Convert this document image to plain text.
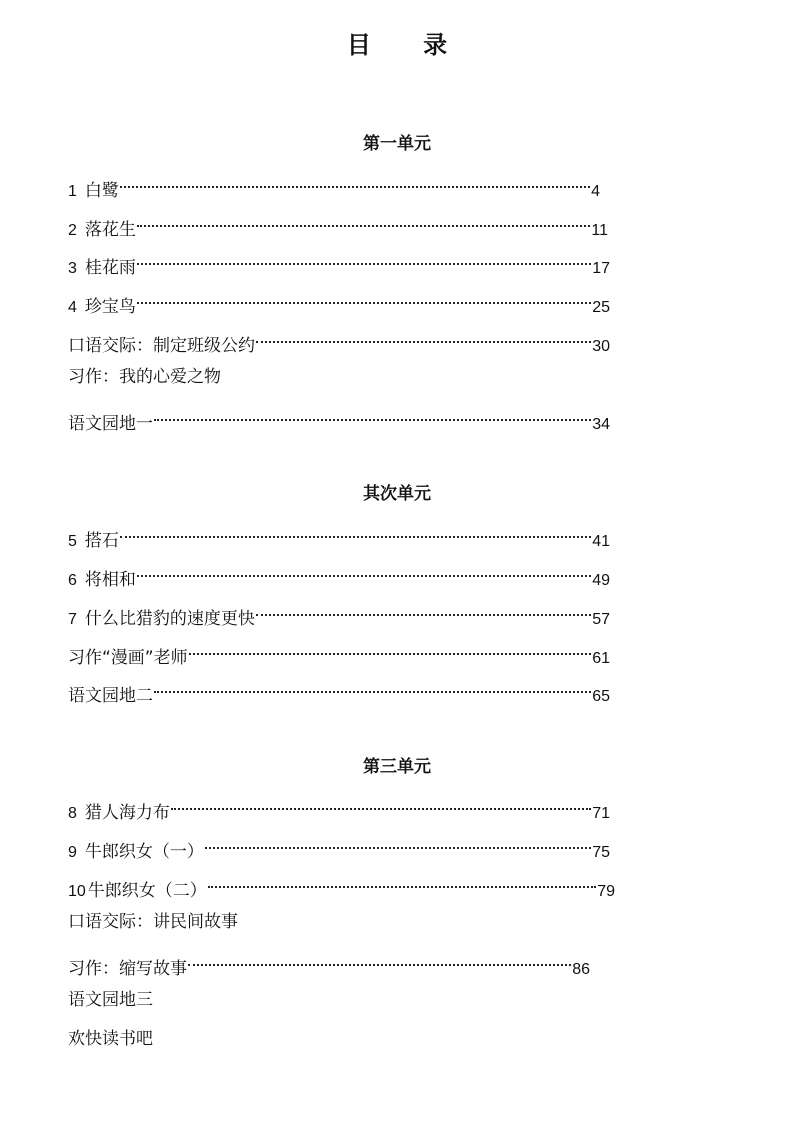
目 录
第一单元
1 白鹭	4
2 落花生	11
3 桂花雨	17
4 珍宝鸟	25
口语交际：制定班级公约	30
习作：我的心爱之物
语文园地一	34
其次单元
5 搭石	41
6 将相和	49
7 什么比猎豹的速度更快	57
习作“漫画”老师	61
语文园地二	65
第三单元
8 猎人海力布	71
9 牛郎织女（一）	75
10 牛郎织女（二）	79
口语交际：讲民间故事
习作：缩写故事	86
语文园地三
欢快读书吧
